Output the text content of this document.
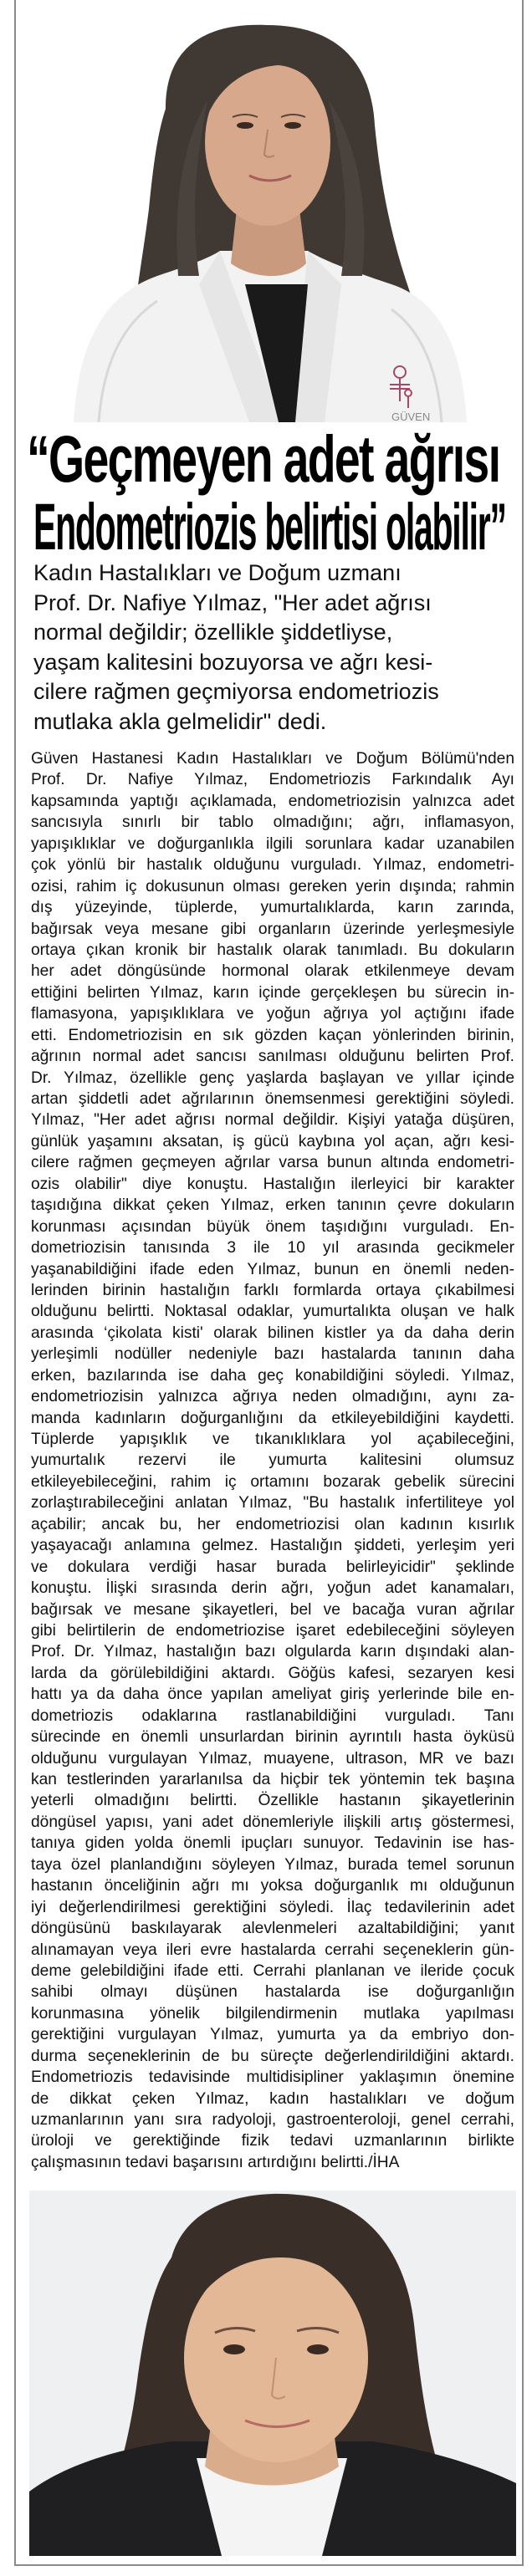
GÜVEN
“Geçmeyen adet ağrısı
Endometriozis belirtisi olabilir”
Kadın Hastalıkları ve Doğum uzmanı
Prof. Dr. Nafiye Yılmaz, "Her adet ağrısı
normal değildir; özellikle şiddetliyse,
yaşam kalitesini bozuyorsa ve ağrı kesi-
cilere rağmen geçmiyorsa endometriozis
mutlaka akla gelmelidir" dedi.
Güven Hastanesi Kadın Hastalıkları ve Doğum Bölümü'nden
Prof. Dr. Nafiye Yılmaz, Endometriozis Farkındalık Ayı
kapsamında yaptığı açıklamada, endometriozisin yalnızca adet
sancısıyla sınırlı bir tablo olmadığını; ağrı, inflamasyon,
yapışıklıklar ve doğurganlıkla ilgili sorunlara kadar uzanabilen
çok yönlü bir hastalık olduğunu vurguladı. Yılmaz, endometri-
ozisi, rahim iç dokusunun olması gereken yerin dışında; rahmin
dış yüzeyinde, tüplerde, yumurtalıklarda, karın zarında,
bağırsak veya mesane gibi organların üzerinde yerleşmesiyle
ortaya çıkan kronik bir hastalık olarak tanımladı. Bu dokuların
her adet döngüsünde hormonal olarak etkilenmeye devam
ettiğini belirten Yılmaz, karın içinde gerçekleşen bu sürecin in-
flamasyona, yapışıklıklara ve yoğun ağrıya yol açtığını ifade
etti. Endometriozisin en sık gözden kaçan yönlerinden birinin,
ağrının normal adet sancısı sanılması olduğunu belirten Prof.
Dr. Yılmaz, özellikle genç yaşlarda başlayan ve yıllar içinde
artan şiddetli adet ağrılarının önemsenmesi gerektiğini söyledi.
Yılmaz, "Her adet ağrısı normal değildir. Kişiyi yatağa düşüren,
günlük yaşamını aksatan, iş gücü kaybına yol açan, ağrı kesi-
cilere rağmen geçmeyen ağrılar varsa bunun altında endometri-
ozis olabilir" diye konuştu. Hastalığın ilerleyici bir karakter
taşıdığına dikkat çeken Yılmaz, erken tanının çevre dokuların
korunması açısından büyük önem taşıdığını vurguladı. En-
dometriozisin tanısında 3 ile 10 yıl arasında gecikmeler
yaşanabildiğini ifade eden Yılmaz, bunun en önemli neden-
lerinden birinin hastalığın farklı formlarda ortaya çıkabilmesi
olduğunu belirtti. Noktasal odaklar, yumurtalıkta oluşan ve halk
arasında ‘çikolata kisti' olarak bilinen kistler ya da daha derin
yerleşimli nodüller nedeniyle bazı hastalarda tanının daha
erken, bazılarında ise daha geç konabildiğini söyledi. Yılmaz,
endometriozisin yalnızca ağrıya neden olmadığını, aynı za-
manda kadınların doğurganlığını da etkileyebildiğini kaydetti.
Tüplerde yapışıklık ve tıkanıklıklara yol açabileceğini,
yumurtalık rezervi ile yumurta kalitesini olumsuz
etkileyebileceğini, rahim iç ortamını bozarak gebelik sürecini
zorlaştırabileceğini anlatan Yılmaz, "Bu hastalık infertiliteye yol
açabilir; ancak bu, her endometriozisi olan kadının kısırlık
yaşayacağı anlamına gelmez. Hastalığın şiddeti, yerleşim yeri
ve dokulara verdiği hasar burada belirleyicidir" şeklinde
konuştu. İlişki sırasında derin ağrı, yoğun adet kanamaları,
bağırsak ve mesane şikayetleri, bel ve bacağa vuran ağrılar
gibi belirtilerin de endometriozise işaret edebileceğini söyleyen
Prof. Dr. Yılmaz, hastalığın bazı olgularda karın dışındaki alan-
larda da görülebildiğini aktardı. Göğüs kafesi, sezaryen kesi
hattı ya da daha önce yapılan ameliyat giriş yerlerinde bile en-
dometriozis odaklarına rastlanabildiğini vurguladı. Tanı
sürecinde en önemli unsurlardan birinin ayrıntılı hasta öyküsü
olduğunu vurgulayan Yılmaz, muayene, ultrason, MR ve bazı
kan testlerinden yararlanılsa da hiçbir tek yöntemin tek başına
yeterli olmadığını belirtti. Özellikle hastanın şikayetlerinin
döngüsel yapısı, yani adet dönemleriyle ilişkili artış göstermesi,
tanıya giden yolda önemli ipuçları sunuyor. Tedavinin ise has-
taya özel planlandığını söyleyen Yılmaz, burada temel sorunun
hastanın önceliğinin ağrı mı yoksa doğurganlık mı olduğunun
iyi değerlendirilmesi gerektiğini söyledi. İlaç tedavilerinin adet
döngüsünü baskılayarak alevlenmeleri azaltabildiğini; yanıt
alınamayan veya ileri evre hastalarda cerrahi seçeneklerin gün-
deme gelebildiğini ifade etti. Cerrahi planlanan ve ileride çocuk
sahibi olmayı düşünen hastalarda ise doğurganlığın
korunmasına yönelik bilgilendirmenin mutlaka yapılması
gerektiğini vurgulayan Yılmaz, yumurta ya da embriyo don-
durma seçeneklerinin de bu süreçte değerlendirildiğini aktardı.
Endometriozis tedavisinde multidisipliner yaklaşımın önemine
de dikkat çeken Yılmaz, kadın hastalıkları ve doğum
uzmanlarının yanı sıra radyoloji, gastroenteroloji, genel cerrahi,
üroloji ve gerektiğinde fizik tedavi uzmanlarının birlikte
çalışmasının tedavi başarısını artırdığını belirtti./İHA
